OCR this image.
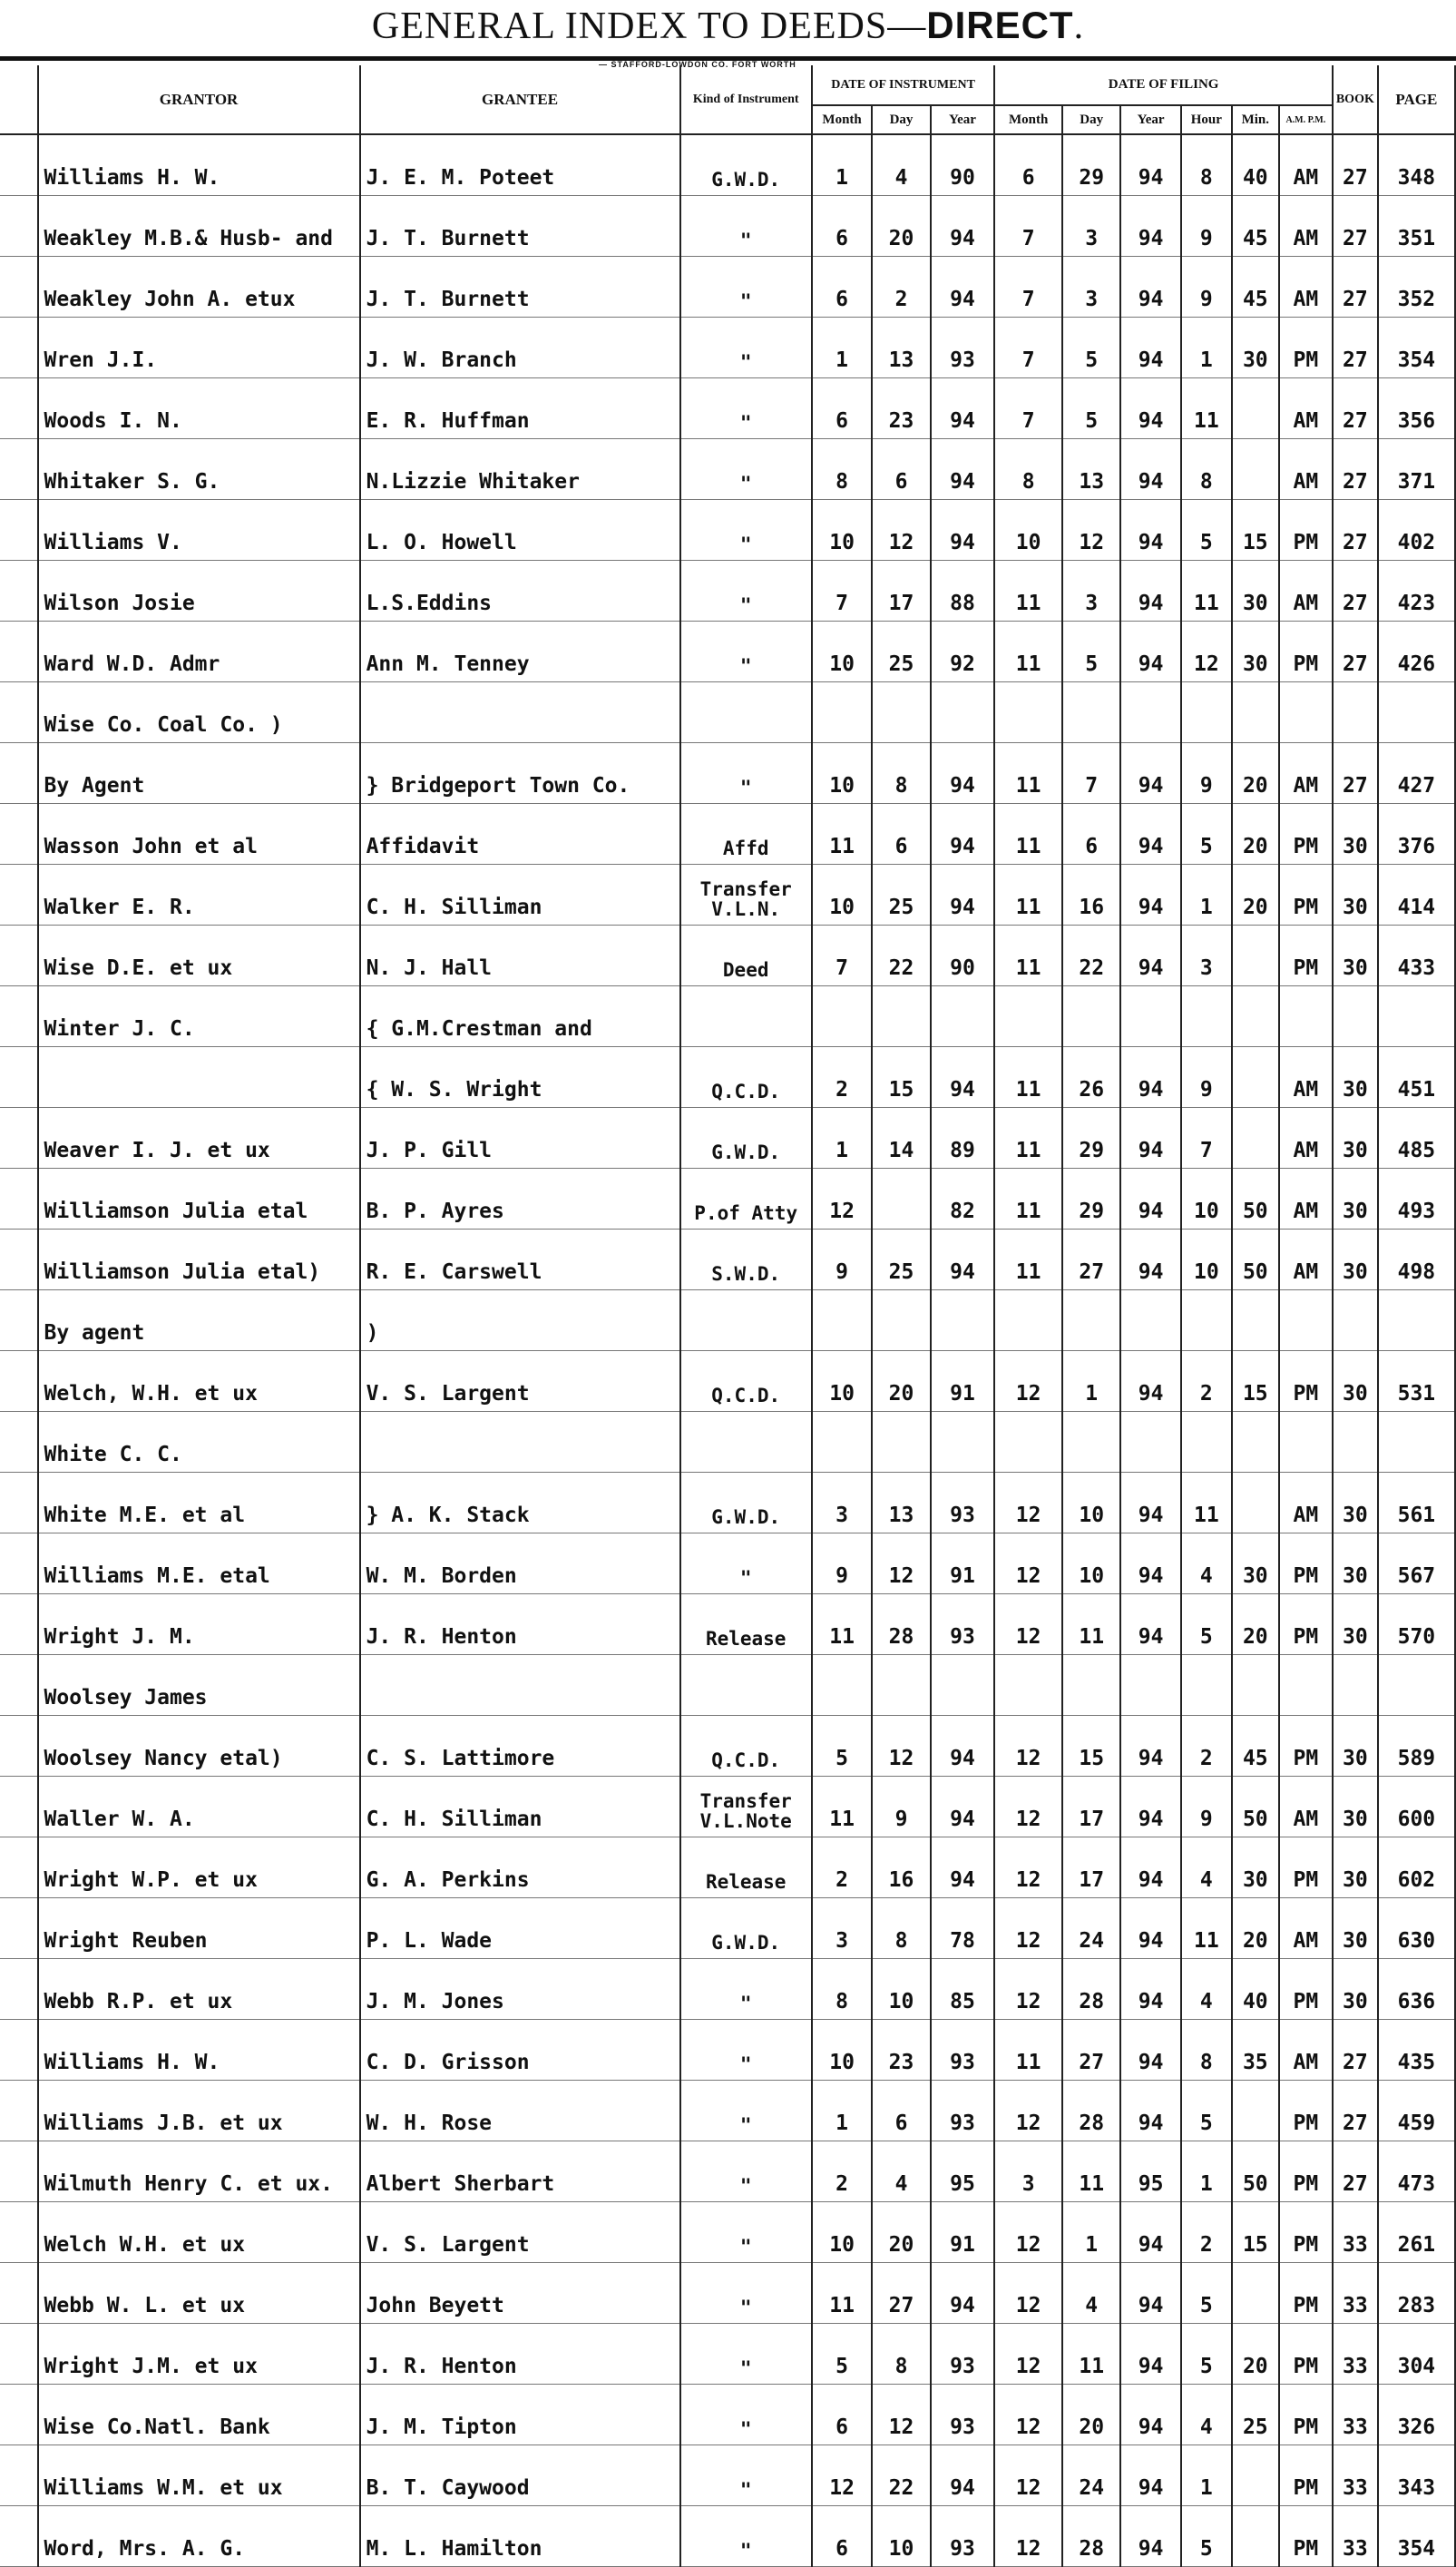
GENERAL INDEX TO DEEDS—DIRECT.
— STAFFORD-LOWDON CO. FORT WORTH
	GRANTOR	GRANTEE	Kind of Instrument	DATE OF INSTRUMENT			DATE OF FILING						BOOK	PAGE
				Month	Day	Year	Month	Day	Year	Hour	Min.	A.M. P.M.		
	Williams H. W.	J. E. M. Poteet	G.W.D.	1	4	90	6	29	94	8	40	AM	27	348
	Weakley M.B.& Husb- and	J. T. Burnett	"	6	20	94	7	3	94	9	45	AM	27	351
	Weakley John A. etux	J. T. Burnett	"	6	2	94	7	3	94	9	45	AM	27	352
	Wren J.I.	J. W. Branch	"	1	13	93	7	5	94	1	30	PM	27	354
	Woods I. N.	E. R. Huffman	"	6	23	94	7	5	94	11		AM	27	356
	Whitaker S. G.	N.Lizzie Whitaker	"	8	6	94	8	13	94	8		AM	27	371
	Williams V.	L. O. Howell	"	10	12	94	10	12	94	5	15	PM	27	402
	Wilson Josie	L.S.Eddins	"	7	17	88	11	3	94	11	30	AM	27	423
	Ward W.D. Admr	Ann M. Tenney	"	10	25	92	11	5	94	12	30	PM	27	426
	Wise Co. Coal Co. )													
	By Agent	} Bridgeport Town Co.	"	10	8	94	11	7	94	9	20	AM	27	427
	Wasson John et al	Affidavit	Affd	11	6	94	11	6	94	5	20	PM	30	376
	Walker E. R.	C. H. Silliman	Transfer V.L.N.	10	25	94	11	16	94	1	20	PM	30	414
	Wise D.E. et ux	N. J. Hall	Deed	7	22	90	11	22	94	3		PM	30	433
	Winter J. C.	{ G.M.Crestman and												
		{ W. S. Wright	Q.C.D.	2	15	94	11	26	94	9		AM	30	451
	Weaver I. J. et ux	J. P. Gill	G.W.D.	1	14	89	11	29	94	7		AM	30	485
	Williamson Julia etal	B. P. Ayres	P.of Atty	12		82	11	29	94	10	50	AM	30	493
	Williamson Julia etal)	R. E. Carswell	S.W.D.	9	25	94	11	27	94	10	50	AM	30	498
	By agent	)												
	Welch, W.H. et ux	V. S. Largent	Q.C.D.	10	20	91	12	1	94	2	15	PM	30	531
	White C. C.													
	White M.E. et al	} A. K. Stack	G.W.D.	3	13	93	12	10	94	11		AM	30	561
	Williams M.E. etal	W. M. Borden	"	9	12	91	12	10	94	4	30	PM	30	567
	Wright J. M.	J. R. Henton	Release	11	28	93	12	11	94	5	20	PM	30	570
	Woolsey James													
	Woolsey Nancy etal)	C. S. Lattimore	Q.C.D.	5	12	94	12	15	94	2	45	PM	30	589
	Waller W. A.	C. H. Silliman	Transfer V.L.Note	11	9	94	12	17	94	9	50	AM	30	600
	Wright W.P. et ux	G. A. Perkins	Release	2	16	94	12	17	94	4	30	PM	30	602
	Wright Reuben	P. L. Wade	G.W.D.	3	8	78	12	24	94	11	20	AM	30	630
	Webb R.P. et ux	J. M. Jones	"	8	10	85	12	28	94	4	40	PM	30	636
	Williams H. W.	C. D. Grisson	"	10	23	93	11	27	94	8	35	AM	27	435
	Williams J.B. et ux	W. H. Rose	"	1	6	93	12	28	94	5		PM	27	459
	Wilmuth Henry C. et ux.	Albert Sherbart	"	2	4	95	3	11	95	1	50	PM	27	473
	Welch W.H. et ux	V. S. Largent	"	10	20	91	12	1	94	2	15	PM	33	261
	Webb W. L. et ux	John Beyett	"	11	27	94	12	4	94	5		PM	33	283
	Wright J.M. et ux	J. R. Henton	"	5	8	93	12	11	94	5	20	PM	33	304
	Wise Co.Natl. Bank	J. M. Tipton	"	6	12	93	12	20	94	4	25	PM	33	326
	Williams W.M. et ux	B. T. Caywood	"	12	22	94	12	24	94	1		PM	33	343
	Word, Mrs. A. G.	M. L. Hamilton	"	6	10	93	12	28	94	5		PM	33	354
